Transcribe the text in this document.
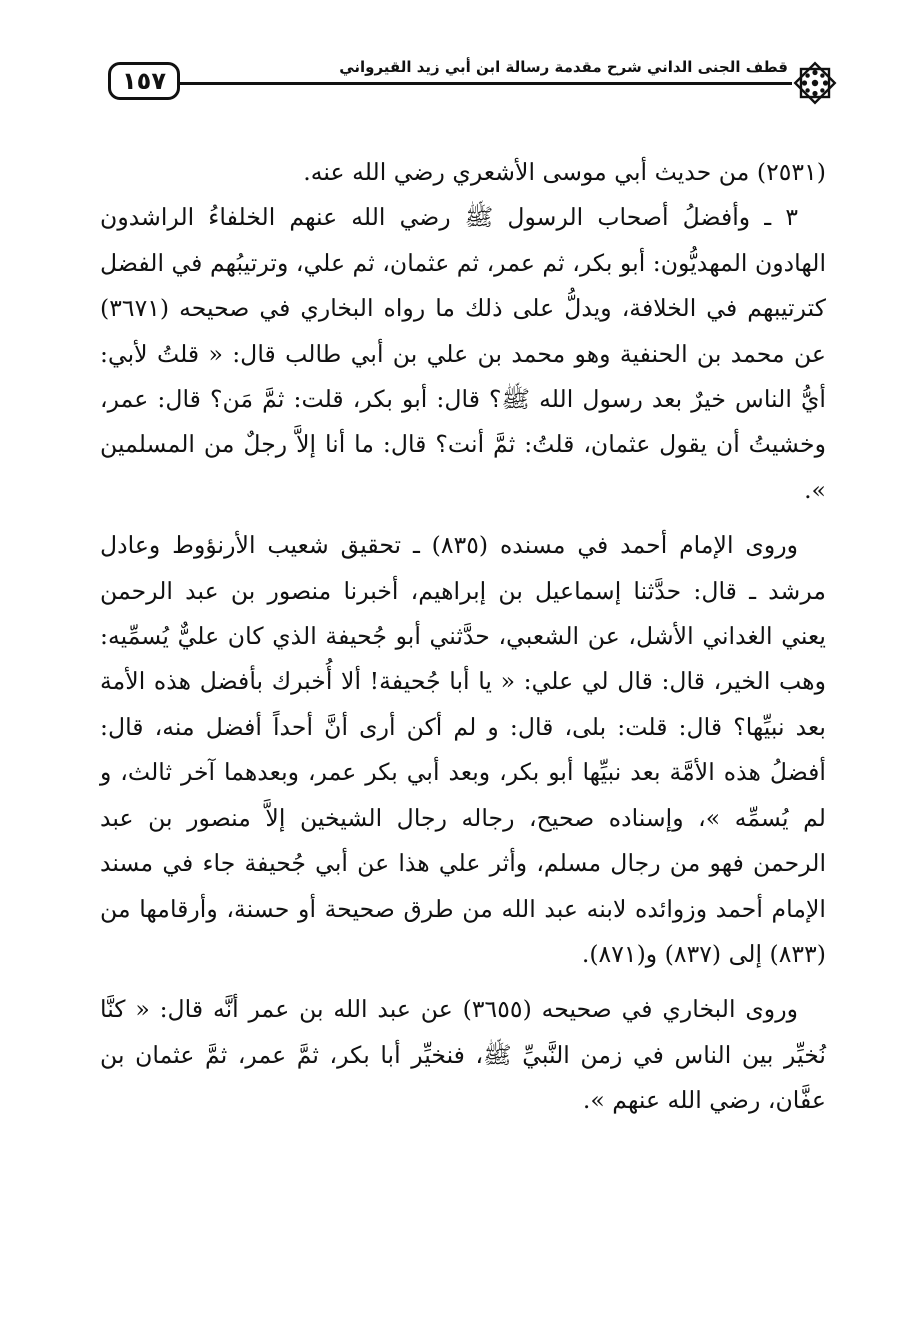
١٥٧	قطف الجنى الداني شرح مقدمة رسالة ابن أبي زيد القيرواني

(٢٥٣١) من حديث أبي موسى الأشعري رضي الله عنه.

٣ ـ وأفضلُ أصحاب الرسول ﷺ رضي الله عنهم الخلفاءُ الراشدون الهادون المهديُّون: أبو بكر، ثم عمر، ثم عثمان، ثم علي، وترتيبُهم في الفضل كترتيبهم في الخلافة، ويدلُّ على ذلك ما رواه البخاري في صحيحه (٣٦٧١) عن محمد بن الحنفية وهو محمد بن علي بن أبي طالب قال: « قلتُ لأبي: أيُّ الناس خيرٌ بعد رسول الله ﷺ؟ قال: أبو بكر، قلت: ثمَّ مَن؟ قال: عمر، وخشيتُ أن يقول عثمان، قلتُ: ثمَّ أنت؟ قال: ما أنا إلاَّ رجلٌ من المسلمين ».

وروى الإمام أحمد في مسنده (٨٣٥) ـ تحقيق شعيب الأرنؤوط وعادل مرشد ـ قال: حدَّثنا إسماعيل بن إبراهيم، أخبرنا منصور بن عبد الرحمن يعني الغداني الأشل، عن الشعبي، حدَّثني أبو جُحيفة الذي كان عليٌّ يُسمِّيه: وهب الخير، قال: قال لي علي: « يا أبا جُحيفة! ألا أُخبرك بأفضل هذه الأمة بعد نبيِّها؟ قال: قلت: بلى، قال: و لم أكن أرى أنَّ أحداً أفضل منه، قال: أفضلُ هذه الأمَّة بعد نبيِّها أبو بكر، وبعد أبي بكر عمر، وبعدهما آخر ثالث، و لم يُسمِّه »، وإسناده صحيح، رجاله رجال الشيخين إلاَّ منصور بن عبد الرحمن فهو من رجال مسلم، وأثر علي هذا عن أبي جُحيفة جاء في مسند الإمام أحمد وزوائده لابنه عبد الله من طرق صحيحة أو حسنة، وأرقامها من (٨٣٣) إلى (٨٣٧) و(٨٧١).

وروى البخاري في صحيحه (٣٦٥٥) عن عبد الله بن عمر أنَّه قال: « كنَّا نُخيِّر بين الناس في زمن النَّبيِّ ﷺ، فنخيِّر أبا بكر، ثمَّ عمر، ثمَّ عثمان بن عفَّان، رضي الله عنهم ».
